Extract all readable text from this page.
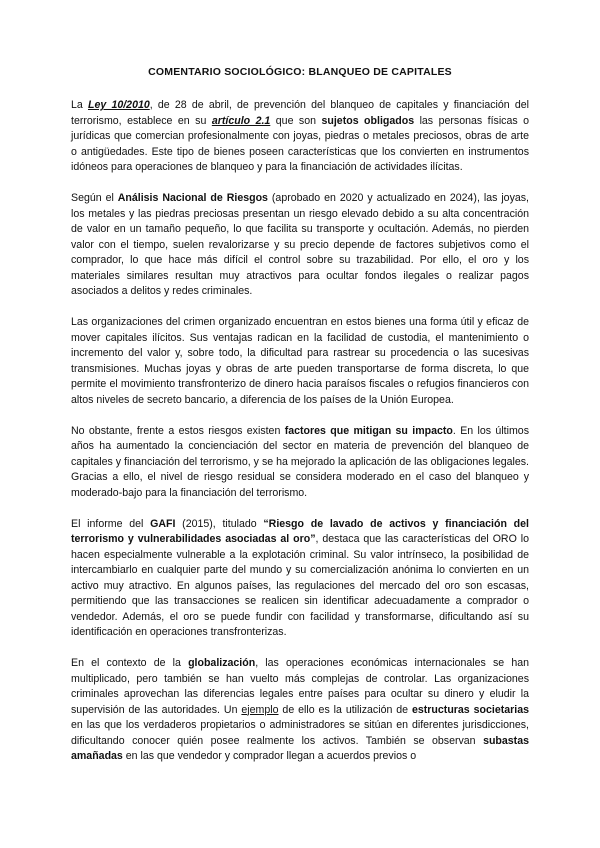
COMENTARIO SOCIOLÓGICO: BLANQUEO DE CAPITALES

La Ley 10/2010, de 28 de abril, de prevención del blanqueo de capitales y financiación del terrorismo, establece en su artículo 2.1 que son sujetos obligados las personas físicas o jurídicas que comercian profesionalmente con joyas, piedras o metales preciosos, obras de arte o antigüedades. Este tipo de bienes poseen características que los convierten en instrumentos idóneos para operaciones de blanqueo y para la financiación de actividades ilícitas.

Según el Análisis Nacional de Riesgos (aprobado en 2020 y actualizado en 2024), las joyas, los metales y las piedras preciosas presentan un riesgo elevado debido a su alta concentración de valor en un tamaño pequeño, lo que facilita su transporte y ocultación. Además, no pierden valor con el tiempo, suelen revalorizarse y su precio depende de factores subjetivos como el comprador, lo que hace más difícil el control sobre su trazabilidad. Por ello, el oro y los materiales similares resultan muy atractivos para ocultar fondos ilegales o realizar pagos asociados a delitos y redes criminales.

Las organizaciones del crimen organizado encuentran en estos bienes una forma útil y eficaz de mover capitales ilícitos. Sus ventajas radican en la facilidad de custodia, el mantenimiento o incremento del valor y, sobre todo, la dificultad para rastrear su procedencia o las sucesivas transmisiones. Muchas joyas y obras de arte pueden transportarse de forma discreta, lo que permite el movimiento transfronterizo de dinero hacia paraísos fiscales o refugios financieros con altos niveles de secreto bancario, a diferencia de los países de la Unión Europea.

No obstante, frente a estos riesgos existen factores que mitigan su impacto. En los últimos años ha aumentado la concienciación del sector en materia de prevención del blanqueo de capitales y financiación del terrorismo, y se ha mejorado la aplicación de las obligaciones legales. Gracias a ello, el nivel de riesgo residual se considera moderado en el caso del blanqueo y moderado-bajo para la financiación del terrorismo.

El informe del GAFI (2015), titulado “Riesgo de lavado de activos y financiación del terrorismo y vulnerabilidades asociadas al oro”, destaca que las características del ORO lo hacen especialmente vulnerable a la explotación criminal. Su valor intrínseco, la posibilidad de intercambiarlo en cualquier parte del mundo y su comercialización anónima lo convierten en un activo muy atractivo. En algunos países, las regulaciones del mercado del oro son escasas, permitiendo que las transacciones se realicen sin identificar adecuadamente a comprador o vendedor. Además, el oro se puede fundir con facilidad y transformarse, dificultando así su identificación en operaciones transfronterizas.

En el contexto de la globalización, las operaciones económicas internacionales se han multiplicado, pero también se han vuelto más complejas de controlar. Las organizaciones criminales aprovechan las diferencias legales entre países para ocultar su dinero y eludir la supervisión de las autoridades. Un ejemplo de ello es la utilización de estructuras societarias en las que los verdaderos propietarios o administradores se sitúan en diferentes jurisdicciones, dificultando conocer quién posee realmente los activos. También se observan subastas amañadas en las que vendedor y comprador llegan a acuerdos previos o
